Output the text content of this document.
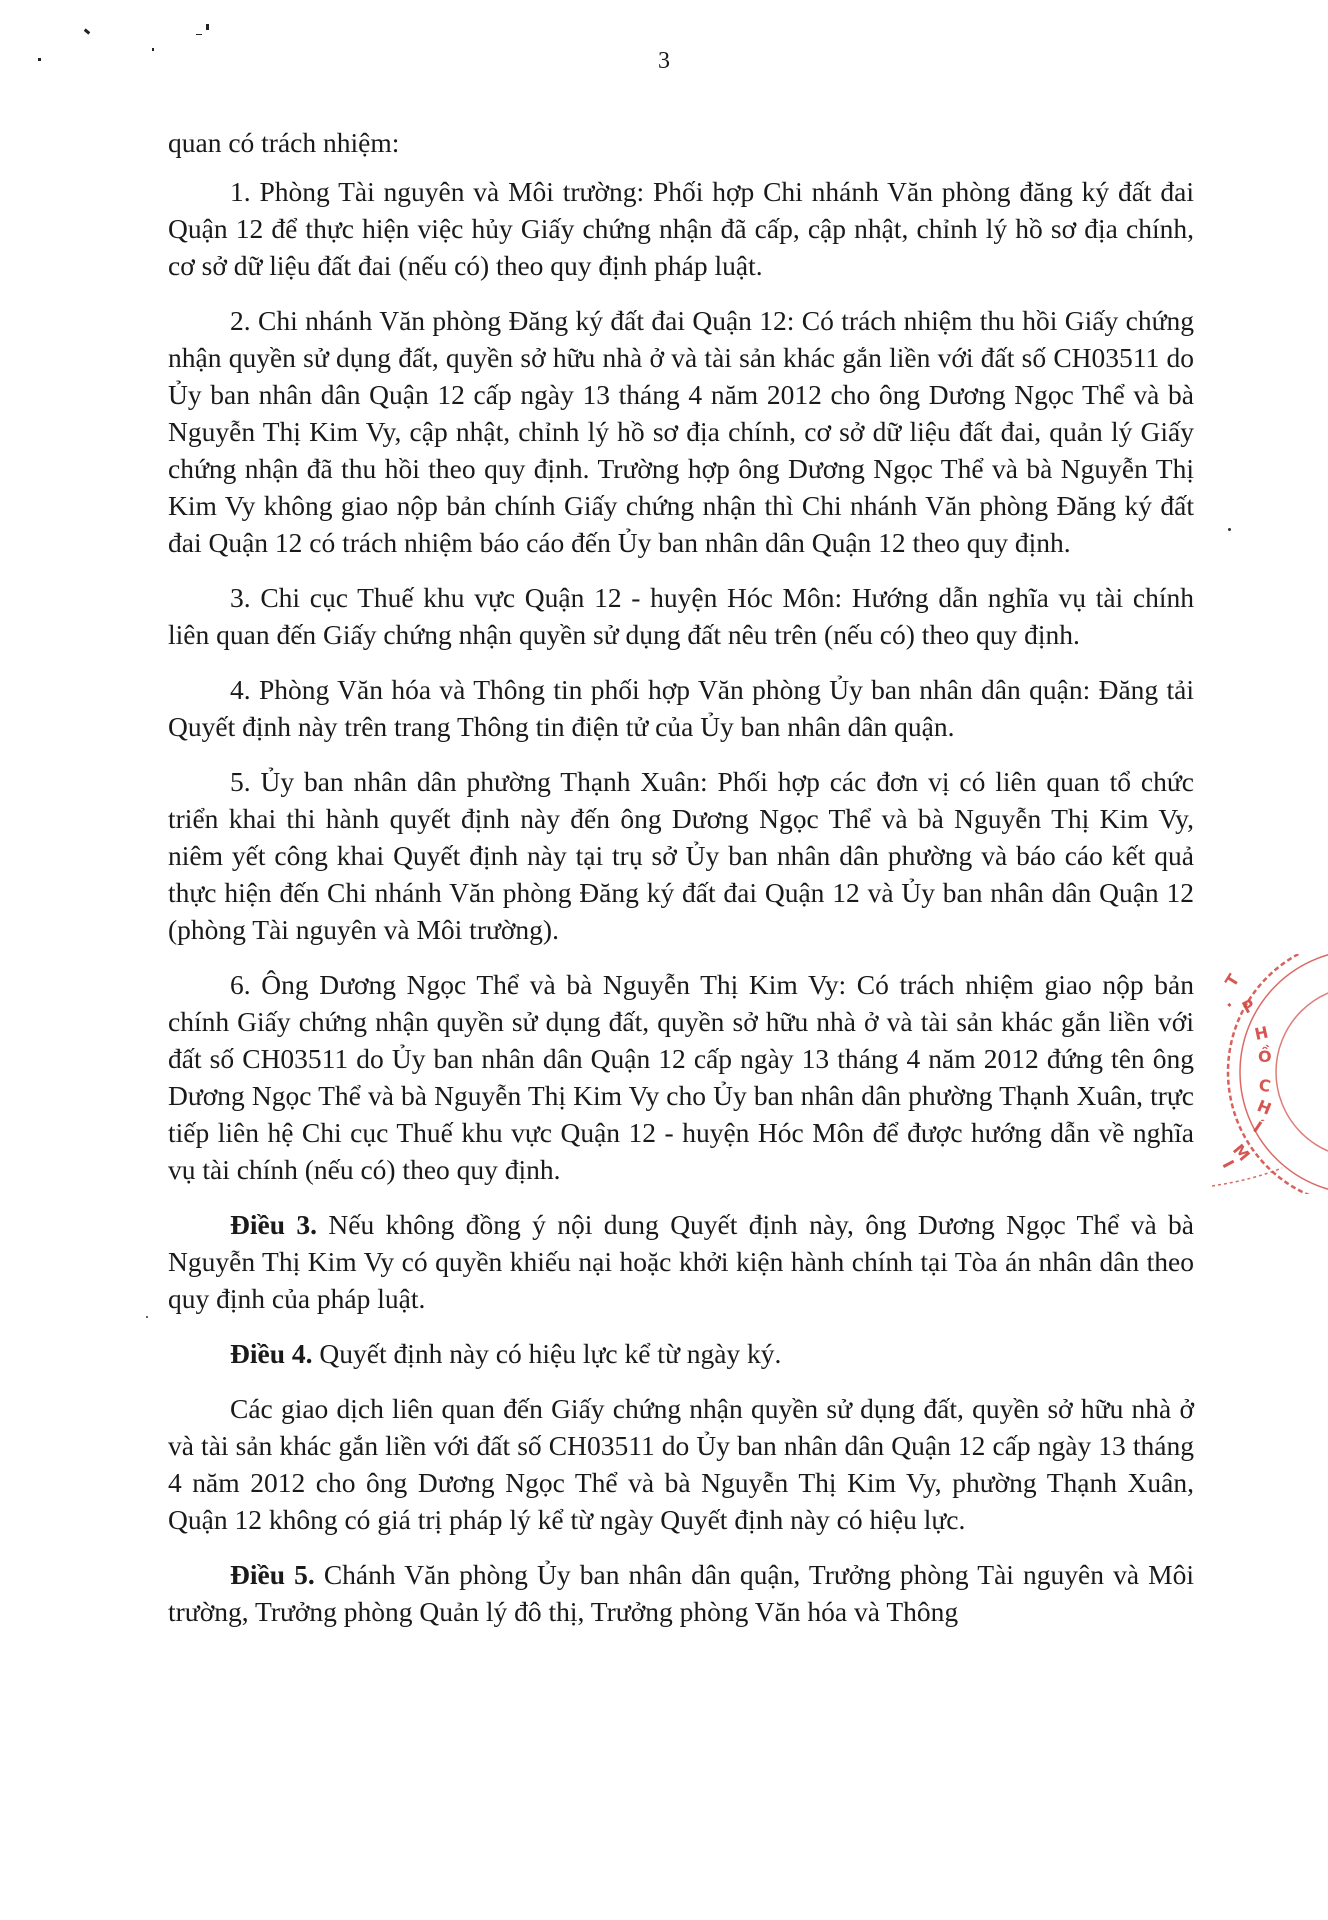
3

quan có trách nhiệm:

1. Phòng Tài nguyên và Môi trường: Phối hợp Chi nhánh Văn phòng đăng ký đất đai Quận 12 để thực hiện việc hủy Giấy chứng nhận đã cấp, cập nhật, chỉnh lý hồ sơ địa chính, cơ sở dữ liệu đất đai (nếu có) theo quy định pháp luật.

2. Chi nhánh Văn phòng Đăng ký đất đai Quận 12: Có trách nhiệm thu hồi Giấy chứng nhận quyền sử dụng đất, quyền sở hữu nhà ở và tài sản khác gắn liền với đất số CH03511 do Ủy ban nhân dân Quận 12 cấp ngày 13 tháng 4 năm 2012 cho ông Dương Ngọc Thể và bà Nguyễn Thị Kim Vy, cập nhật, chỉnh lý hồ sơ địa chính, cơ sở dữ liệu đất đai, quản lý Giấy chứng nhận đã thu hồi theo quy định. Trường hợp ông Dương Ngọc Thể và bà Nguyễn Thị Kim Vy không giao nộp bản chính Giấy chứng nhận thì Chi nhánh Văn phòng Đăng ký đất đai Quận 12 có trách nhiệm báo cáo đến Ủy ban nhân dân Quận 12 theo quy định.

3. Chi cục Thuế khu vực Quận 12 - huyện Hóc Môn: Hướng dẫn nghĩa vụ tài chính liên quan đến Giấy chứng nhận quyền sử dụng đất nêu trên (nếu có) theo quy định.

4. Phòng Văn hóa và Thông tin phối hợp Văn phòng Ủy ban nhân dân quận: Đăng tải Quyết định này trên trang Thông tin điện tử của Ủy ban nhân dân quận.

5. Ủy ban nhân dân phường Thạnh Xuân: Phối hợp các đơn vị có liên quan tổ chức triển khai thi hành quyết định này đến ông Dương Ngọc Thể và bà Nguyễn Thị Kim Vy, niêm yết công khai Quyết định này tại trụ sở Ủy ban nhân dân phường và báo cáo kết quả thực hiện đến Chi nhánh Văn phòng Đăng ký đất đai Quận 12 và Ủy ban nhân dân Quận 12 (phòng Tài nguyên và Môi trường).

6. Ông Dương Ngọc Thể và bà Nguyễn Thị Kim Vy: Có trách nhiệm giao nộp bản chính Giấy chứng nhận quyền sử dụng đất, quyền sở hữu nhà ở và tài sản khác gắn liền với đất số CH03511 do Ủy ban nhân dân Quận 12 cấp ngày 13 tháng 4 năm 2012 đứng tên ông Dương Ngọc Thể và bà Nguyễn Thị Kim Vy cho Ủy ban nhân dân phường Thạnh Xuân, trực tiếp liên hệ Chi cục Thuế khu vực Quận 12 - huyện Hóc Môn để được hướng dẫn về nghĩa vụ tài chính (nếu có) theo quy định.

Điều 3. Nếu không đồng ý nội dung Quyết định này, ông Dương Ngọc Thể và bà Nguyễn Thị Kim Vy có quyền khiếu nại hoặc khởi kiện hành chính tại Tòa án nhân dân theo quy định của pháp luật.

Điều 4. Quyết định này có hiệu lực kể từ ngày ký.

Các giao dịch liên quan đến Giấy chứng nhận quyền sử dụng đất, quyền sở hữu nhà ở và tài sản khác gắn liền với đất số CH03511 do Ủy ban nhân dân Quận 12 cấp ngày 13 tháng 4 năm 2012 cho ông Dương Ngọc Thể và bà Nguyễn Thị Kim Vy, phường Thạnh Xuân, Quận 12 không có giá trị pháp lý kể từ ngày Quyết định này có hiệu lực.

Điều 5. Chánh Văn phòng Ủy ban nhân dân quận, Trưởng phòng Tài nguyên và Môi trường, Trưởng phòng Quản lý đô thị, Trưởng phòng Văn hóa và Thông

T
. P
H
Ồ
C
H
Í
M
I
